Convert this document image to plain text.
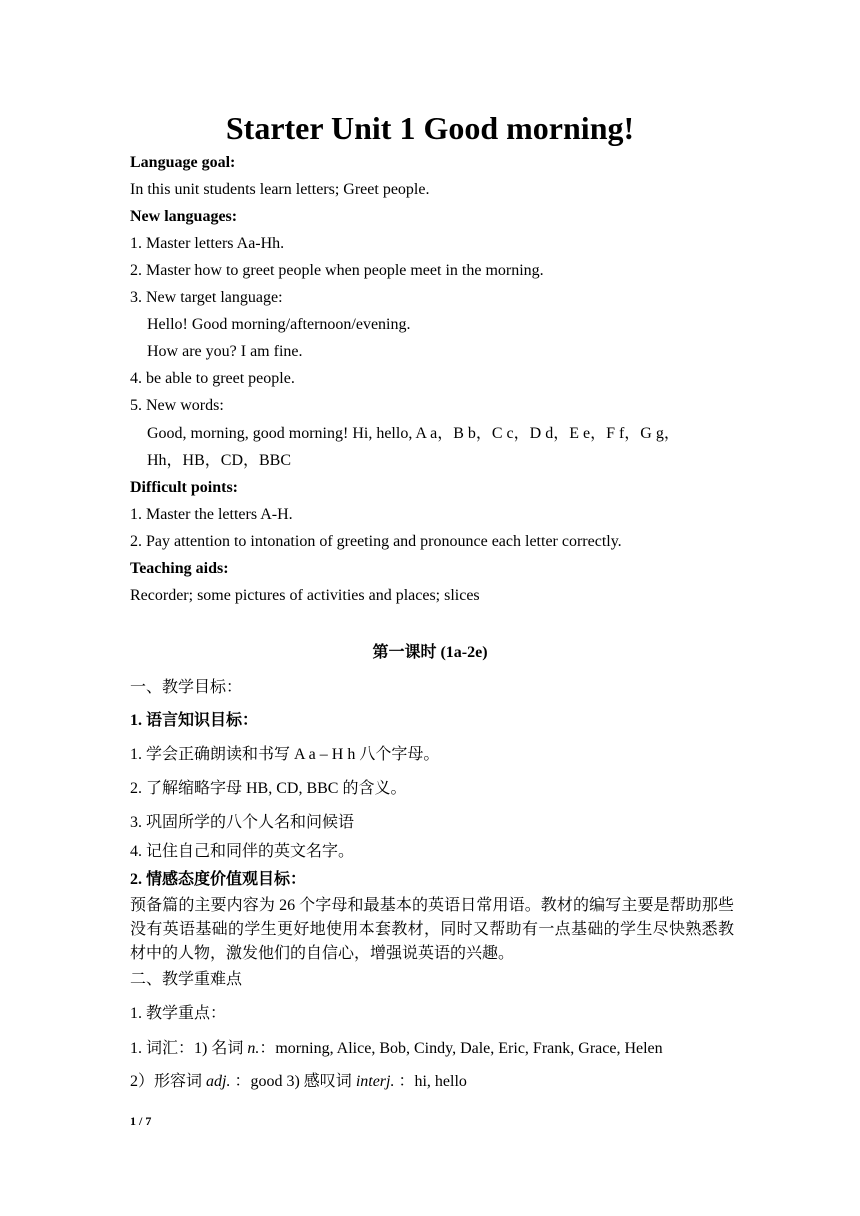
Starter Unit 1 Good morning!
Language goal:
In this unit students learn letters; Greet people.
New languages:
1. Master letters Aa-Hh.
2. Master how to greet people when people meet in the morning.
3. New target language:
Hello! Good morning/afternoon/evening.
How are you? I am fine.
4. be able to greet people.
5. New words:
Good, morning, good morning! Hi, hello, A a，B b，C c，D d，E e，F f，G g，
Hh，HB，CD，BBC
Difficult points:
1. Master the letters A-H.
2. Pay attention to intonation of greeting and pronounce each letter correctly.
Teaching aids:
Recorder; some pictures of activities and places; slices
第一课时 (1a-2e)
一、教学目标：
1. 语言知识目标：
1. 学会正确朗读和书写 A a – H h 八个字母。
2. 了解缩略字母 HB, CD, BBC 的含义。
3. 巩固所学的八个人名和问候语
4. 记住自己和同伴的英文名字。
2. 情感态度价值观目标：
预备篇的主要内容为 26 个字母和最基本的英语日常用语。教材的编写主要是帮助那些没有英语基础的学生更好地使用本套教材，同时又帮助有一点基础的学生尽快熟悉教材中的人物，激发他们的自信心，增强说英语的兴趣。
二、教学重难点
1. 教学重点：
1. 词汇：1) 名词 n.：morning, Alice, Bob, Cindy, Dale, Eric, Frank, Grace, Helen
2）形容词 adj. ：good 3) 感叹词 interj. ：hi, hello
1 / 7
